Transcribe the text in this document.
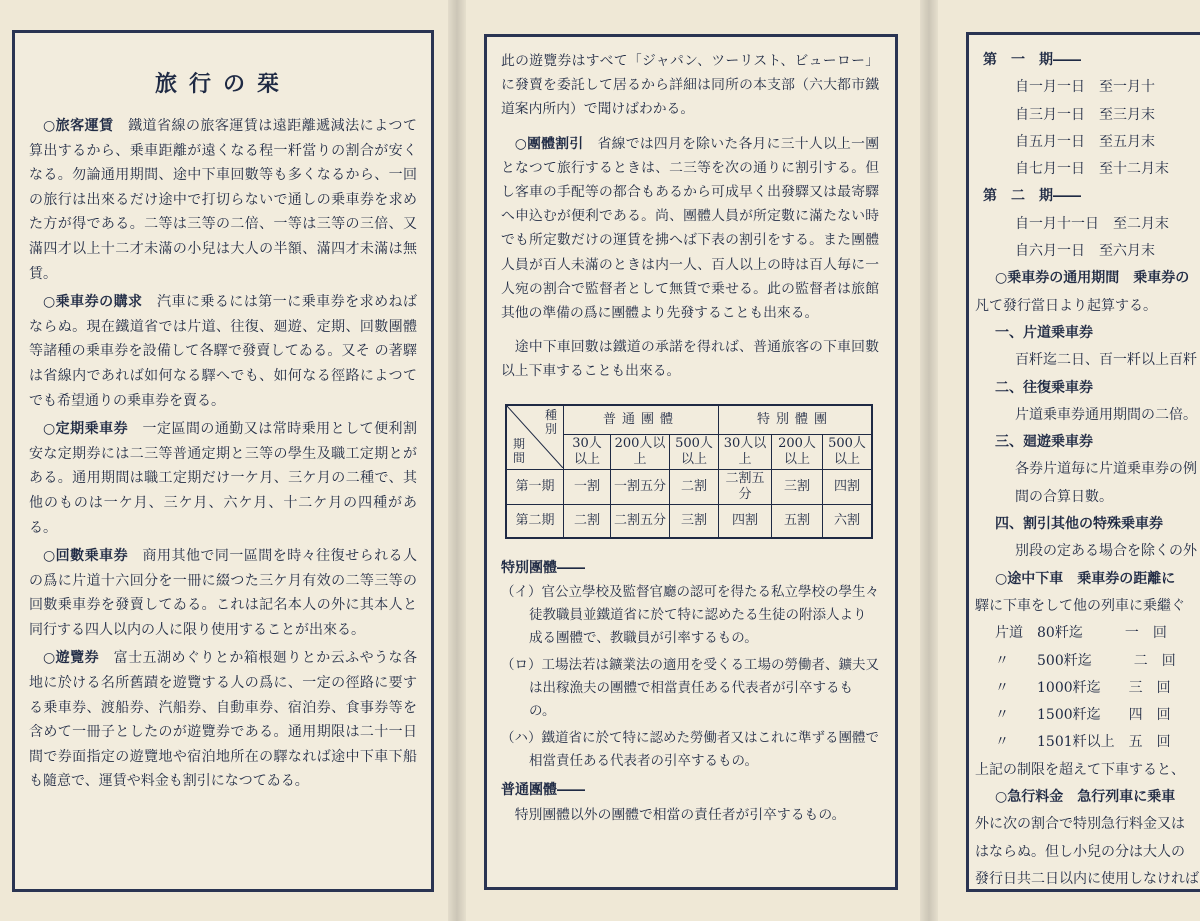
旅行の栞

○旅客運賃　 鐵道省線の旅客運賃は遠距離遞減法によつて算出するから、乗車距離が遠くなる程一粁當りの割合が安くなる。勿論通用期間、途中下車回數等も多くなるから、一回の旅行は出來るだけ途中で打切らないで通しの乗車券を求めた方が得である。二等は三等の二倍、一等は三等の三倍、又滿四才以上十二才未滿の小兒は大人の半額、滿四才未滿は無賃。

○乗車券の購求　 汽車に乗るには第一に乗車券を求めねばならぬ。現在鐵道省では片道、往復、廻遊、定期、回數團體等諸種の乗車券を設備して各驛で發賣してゐる。又そ の著驛は省線内であれば如何なる驛へでも、如何なる徑路によつてでも希望通りの乗車券を賣る。

○定期乗車券　 一定區間の通勤又は常時乗用として便利割安な定期券には二三等普通定期と三等の學生及職工定期とがある。通用期間は職工定期だけ一ケ月、三ケ月の二種で、其他のものは一ケ月、三ケ月、六ケ月、十二ケ月の四種がある。

○回數乗車券　 商用其他で同一區間を時々往復せられる人の爲に片道十六回分を一冊に綴つた三ケ月有效の二等三等の回數乗車券を發賣してゐる。これは記名本人の外に其本人と同行する四人以内の人に限り使用することが出來る。

○遊覽券　 富士五湖めぐりとか箱根廻りとか云ふやうな各地に於ける名所舊蹟を遊覽する人の爲に、一定の徑路に要する乗車券、渡船券、汽船券、自動車券、宿泊券、食事券等を含めて一冊子としたのが遊覽券である。通用期限は二十一日間で券面指定の遊覽地や宿泊地所在の驛なれば途中下車下船も隨意で、運賃や料金も割引になつてゐる。

此の遊覽券はすべて「ジャパン、ツーリスト、ビューロー」に發賣を委託して居るから詳細は同所の本支部（六大都市鐵道案内所内）で聞けばわかる。

○團體割引　 省線では四月を除いた各月に三十人以上一團となつて旅行するときは、二三等を次の通りに割引する。但し客車の手配等の都合もあるから可成早く出發驛又は最寄驛へ申込むが便利である。尚、團體人員が所定數に滿たない時でも所定數だけの運賃を拂へば下表の割引をする。また團體人員が百人未滿のときは内一人、百人以上の時は百人毎に一人宛の割合で監督者として無賃で乗せる。此の監督者は旅館其他の準備の爲に團體より先發することも出來る。

途中下車回數は鐵道の承諾を得れば、普通旅客の下車回數以上下車することも出來る。

種別
期間	普通團體			特別體團		
	30人以上	200人以上	500人以上	30人以上	200人以上	500人以上
第一期	一割	一割五分	二割	二割五分	三割	四割
第二期	二割	二割五分	三割	四割	五割	六割
特別團體――
（イ）官公立學校及監督官廳の認可を得たる私立學校の學生々徒教職員並鐵道省に於て特に認めたる生徒の附添人より成る團體で、教職員が引率するもの。
（ロ）工場法若は鑛業法の適用を受くる工場の勞働者、鑛夫又は出稼漁夫の團體で相當責任ある代表者が引卒するもの。
（ハ）鐵道省に於て特に認めた勞働者又はこれに準ずる團體で相當責任ある代表者の引卒するもの。
普通團體――

特別團體以外の團體で相當の責任者が引卒するもの。

第　一　期――

自一月一日　至一月十

自三月一日　至三月末

自五月一日　至五月末

自七月一日　至十二月末

第　二　期――

自一月十一日　至二月末

自六月一日　至六月末

○乗車券の通用期間　乗車券の

凡て發行當日より起算する。

一、片道乗車券

百粁迄二日、百一粁以上百粁

二、往復乗車券

片道乗車券通用期間の二倍。

三、廻遊乗車券

各券片道毎に片道乗車券の例

間の合算日數。

四、割引其他の特殊乗車券

別段の定ある場合を除くの外

○途中下車　乗車券の距離に

驛に下車をして他の列車に乗繼ぐ

片道　80粁迄　　　一　回

〃　　500粁迄　　　二　回

〃　　1000粁迄　　三　回

〃　　1500粁迄　　四　回

〃　　1501粁以上　五　回

上記の制限を超えて下車すると、

○急行料金　急行列車に乗車

外に次の割合で特別急行料金又は

はならぬ。但し小兒の分は大人の

發行日共二日以内に使用しなければ
